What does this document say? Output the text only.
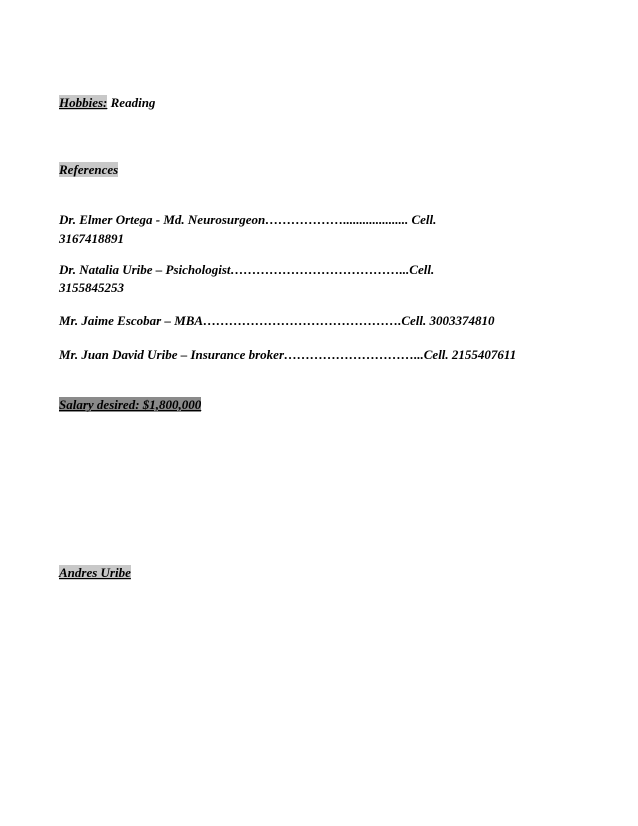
Hobbies: Reading
References
Dr. Elmer Ortega - Md. Neurosurgeon……………….................... Cell.
3167418891
Dr. Natalia Uribe – Psichologist…………………………………...Cell.
3155845253
Mr. Jaime Escobar – MBA……………………………………….Cell. 3003374810
Mr. Juan David Uribe – Insurance broker…………………………...Cell. 2155407611
Salary desired: $1,800,000
Andres Uribe
